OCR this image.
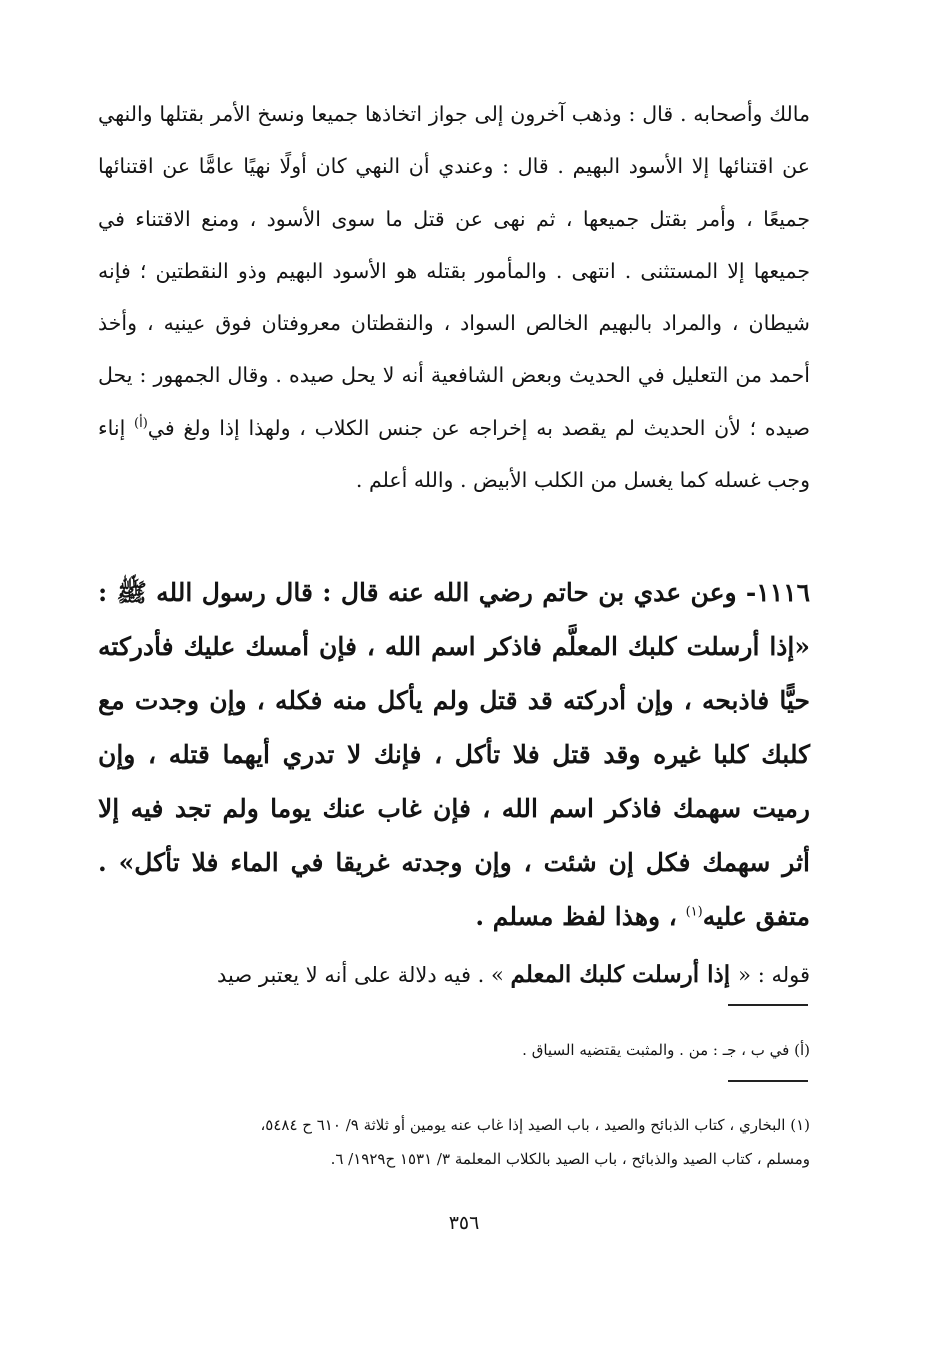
مالك وأصحابه . قال : وذهب آخرون إلى جواز اتخاذها جميعا ونسخ الأمر بقتلها والنهي عن اقتنائها إلا الأسود البهيم . قال : وعندي أن النهي كان أولًا نهيًا عامًّا عن اقتنائها جميعًا ، وأمر بقتل جميعها ، ثم نهى عن قتل ما سوى الأسود ، ومنع الاقتناء في جميعها إلا المستثنى . انتهى . والمأمور بقتله هو الأسود البهيم وذو النقطتين ؛ فإنه شيطان ، والمراد بالبهيم الخالص السواد ، والنقطتان معروفتان فوق عينيه ، وأخذ أحمد من التعليل في الحديث وبعض الشافعية أنه لا يحل صيده . وقال الجمهور : يحل صيده ؛ لأن الحديث لم يقصد به إخراجه عن جنس الكلاب ، ولهذا إذا ولغ في$^{(أ)}$ إناء وجب غسله كما يغسل من الكلب الأبيض . والله أعلم .

١١١٦- وعن عدي بن حاتم رضي الله عنه قال : قال رسول الله ﷺ : «إذا أرسلت كلبك المعلَّم فاذكر اسم الله ، فإن أمسك عليك فأدركته حيًّا فاذبحه ، وإن أدركته قد قتل ولم يأكل منه فكله ، وإن وجدت مع كلبك كلبا غيره وقد قتل فلا تأكل ، فإنك لا تدري أيهما قتله ، وإن رميت سهمك فاذكر اسم الله ، فإن غاب عنك يوما ولم تجد فيه إلا أثر سهمك فكل إن شئت ، وإن وجدته غريقا في الماء فلا تأكل» . متفق عليه$^{(١)}$ ، وهذا لفظ مسلم .

قوله : « إذا أرسلت كلبك المعلم » . فيه دلالة على أنه لا يعتبر صيد

(أ) في ب ، جـ : من . والمثبت يقتضيه السياق .

(١) البخاري ، كتاب الذبائح والصيد ، باب الصيد إذا غاب عنه يومين أو ثلاثة ٩/ ٦١٠ ح ٥٤٨٤،
ومسلم ، كتاب الصيد والذبائح ، باب الصيد بالكلاب المعلمة ٣/ ١٥٣١ ح١٩٢٩/ ٦.
٣٥٦
